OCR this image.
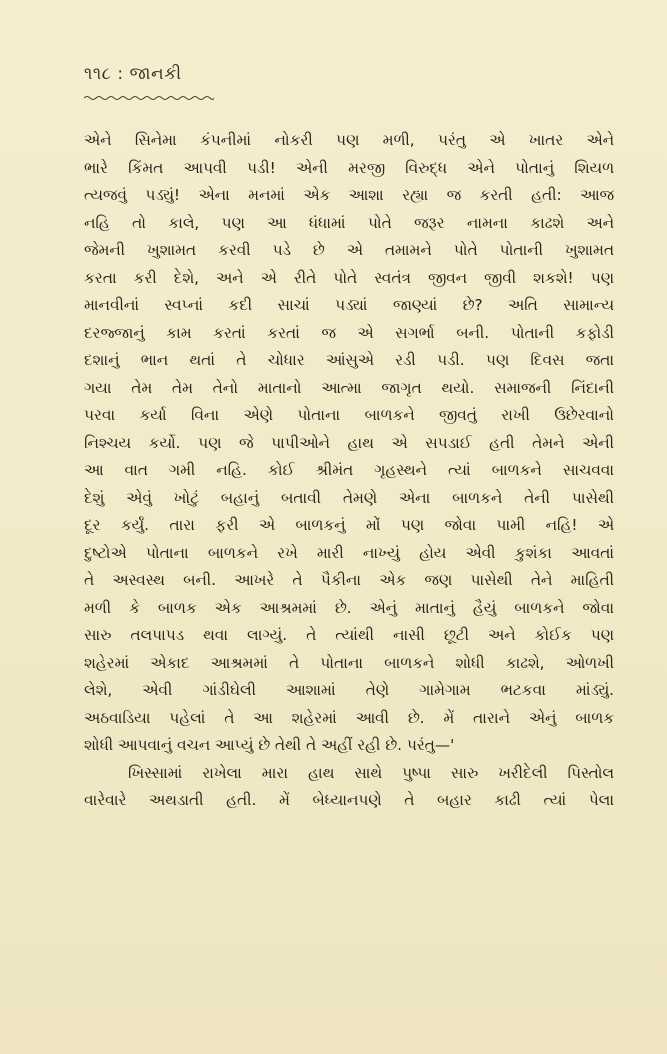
૧૧૮ : જાનકી
એને સિનેમા કંપનીમાં નોકરી પણ મળી, પરંતુ એ ખાતર એને
ભારે કિંમત આપવી પડી! એની મરજી વિરુદ્ધ એને પોતાનું શિયળ
ત્યજવું પડ્યું! એના મનમાં એક આશા રહ્યા જ કરતી હતી: આજ
નહિ તો કાલે, પણ આ ધંધામાં પોતે જરૂર નામના કાઢશે અને
જેમની ખુશામત કરવી પડે છે એ તમામને પોતે પોતાની ખુશામત
કરતા કરી દેશે, અને એ રીતે પોતે સ્વતંત્ર જીવન જીવી શકશે! પણ
માનવીનાં સ્વપ્નાં કદી સાચાં પડ્યાં જાણ્યાં છે? અતિ સામાન્ય
દરજ્જાનું કામ કરતાં કરતાં જ એ સગર્ભા બની. પોતાની કફોડી
દશાનું ભાન થતાં તે ચોધાર આંસુએ રડી પડી. પણ દિવસ જતા
ગયા તેમ તેમ તેનો માતાનો આત્મા જાગૃત થયો. સમાજની નિંદાની
પરવા કર્યા વિના એણે પોતાના બાળકને જીવતું રાખી ઉછેરવાનો
નિશ્ચય કર્યો. પણ જે પાપીઓને હાથ એ સપડાઈ હતી તેમને એની
આ વાત ગમી નહિ. કોઈ શ્રીમંત ગૃહસ્થને ત્યાં બાળકને સાચવવા
દેશું એવું ખોટું બહાનું બતાવી તેમણે એના બાળકને તેની પાસેથી
દૂર કર્યું. તારા ફરી એ બાળકનું મોં પણ જોવા પામી નહિ! એ
દુષ્ટોએ પોતાના બાળકને રખે મારી નાખ્યું હોય એવી કુશંકા આવતાં
તે અસ્વસ્થ બની. આખરે તે પૈકીના એક જણ પાસેથી તેને માહિતી
મળી કે બાળક એક આશ્રમમાં છે. એનું માતાનું હૈયું બાળકને જોવા
સારુ તલપાપડ થવા લાગ્યું. તે ત્યાંથી નાસી છૂટી અને કોઈક પણ
શહેરમાં એકાદ આશ્રમમાં તે પોતાના બાળકને શોધી કાઢશે, ઓળખી
લેશે, એવી ગાંડીઘેલી આશામાં તેણે ગામેગામ ભટકવા માંડ્યું.
અઠવાડિયા પહેલાં તે આ શહેરમાં આવી છે. મેં તારાને એનું બાળક
શોધી આપવાનું વચન આપ્યું છે તેથી તે અહીં રહી છે. પરંતુ—'
ખિસ્સામાં રાખેલા મારા હાથ સાથે પુષ્પા સારુ ખરીદેલી પિસ્તોલ
વારેવારે અથડાતી હતી. મેં બેધ્યાનપણે તે બહાર કાઢી ત્યાં પેલા
